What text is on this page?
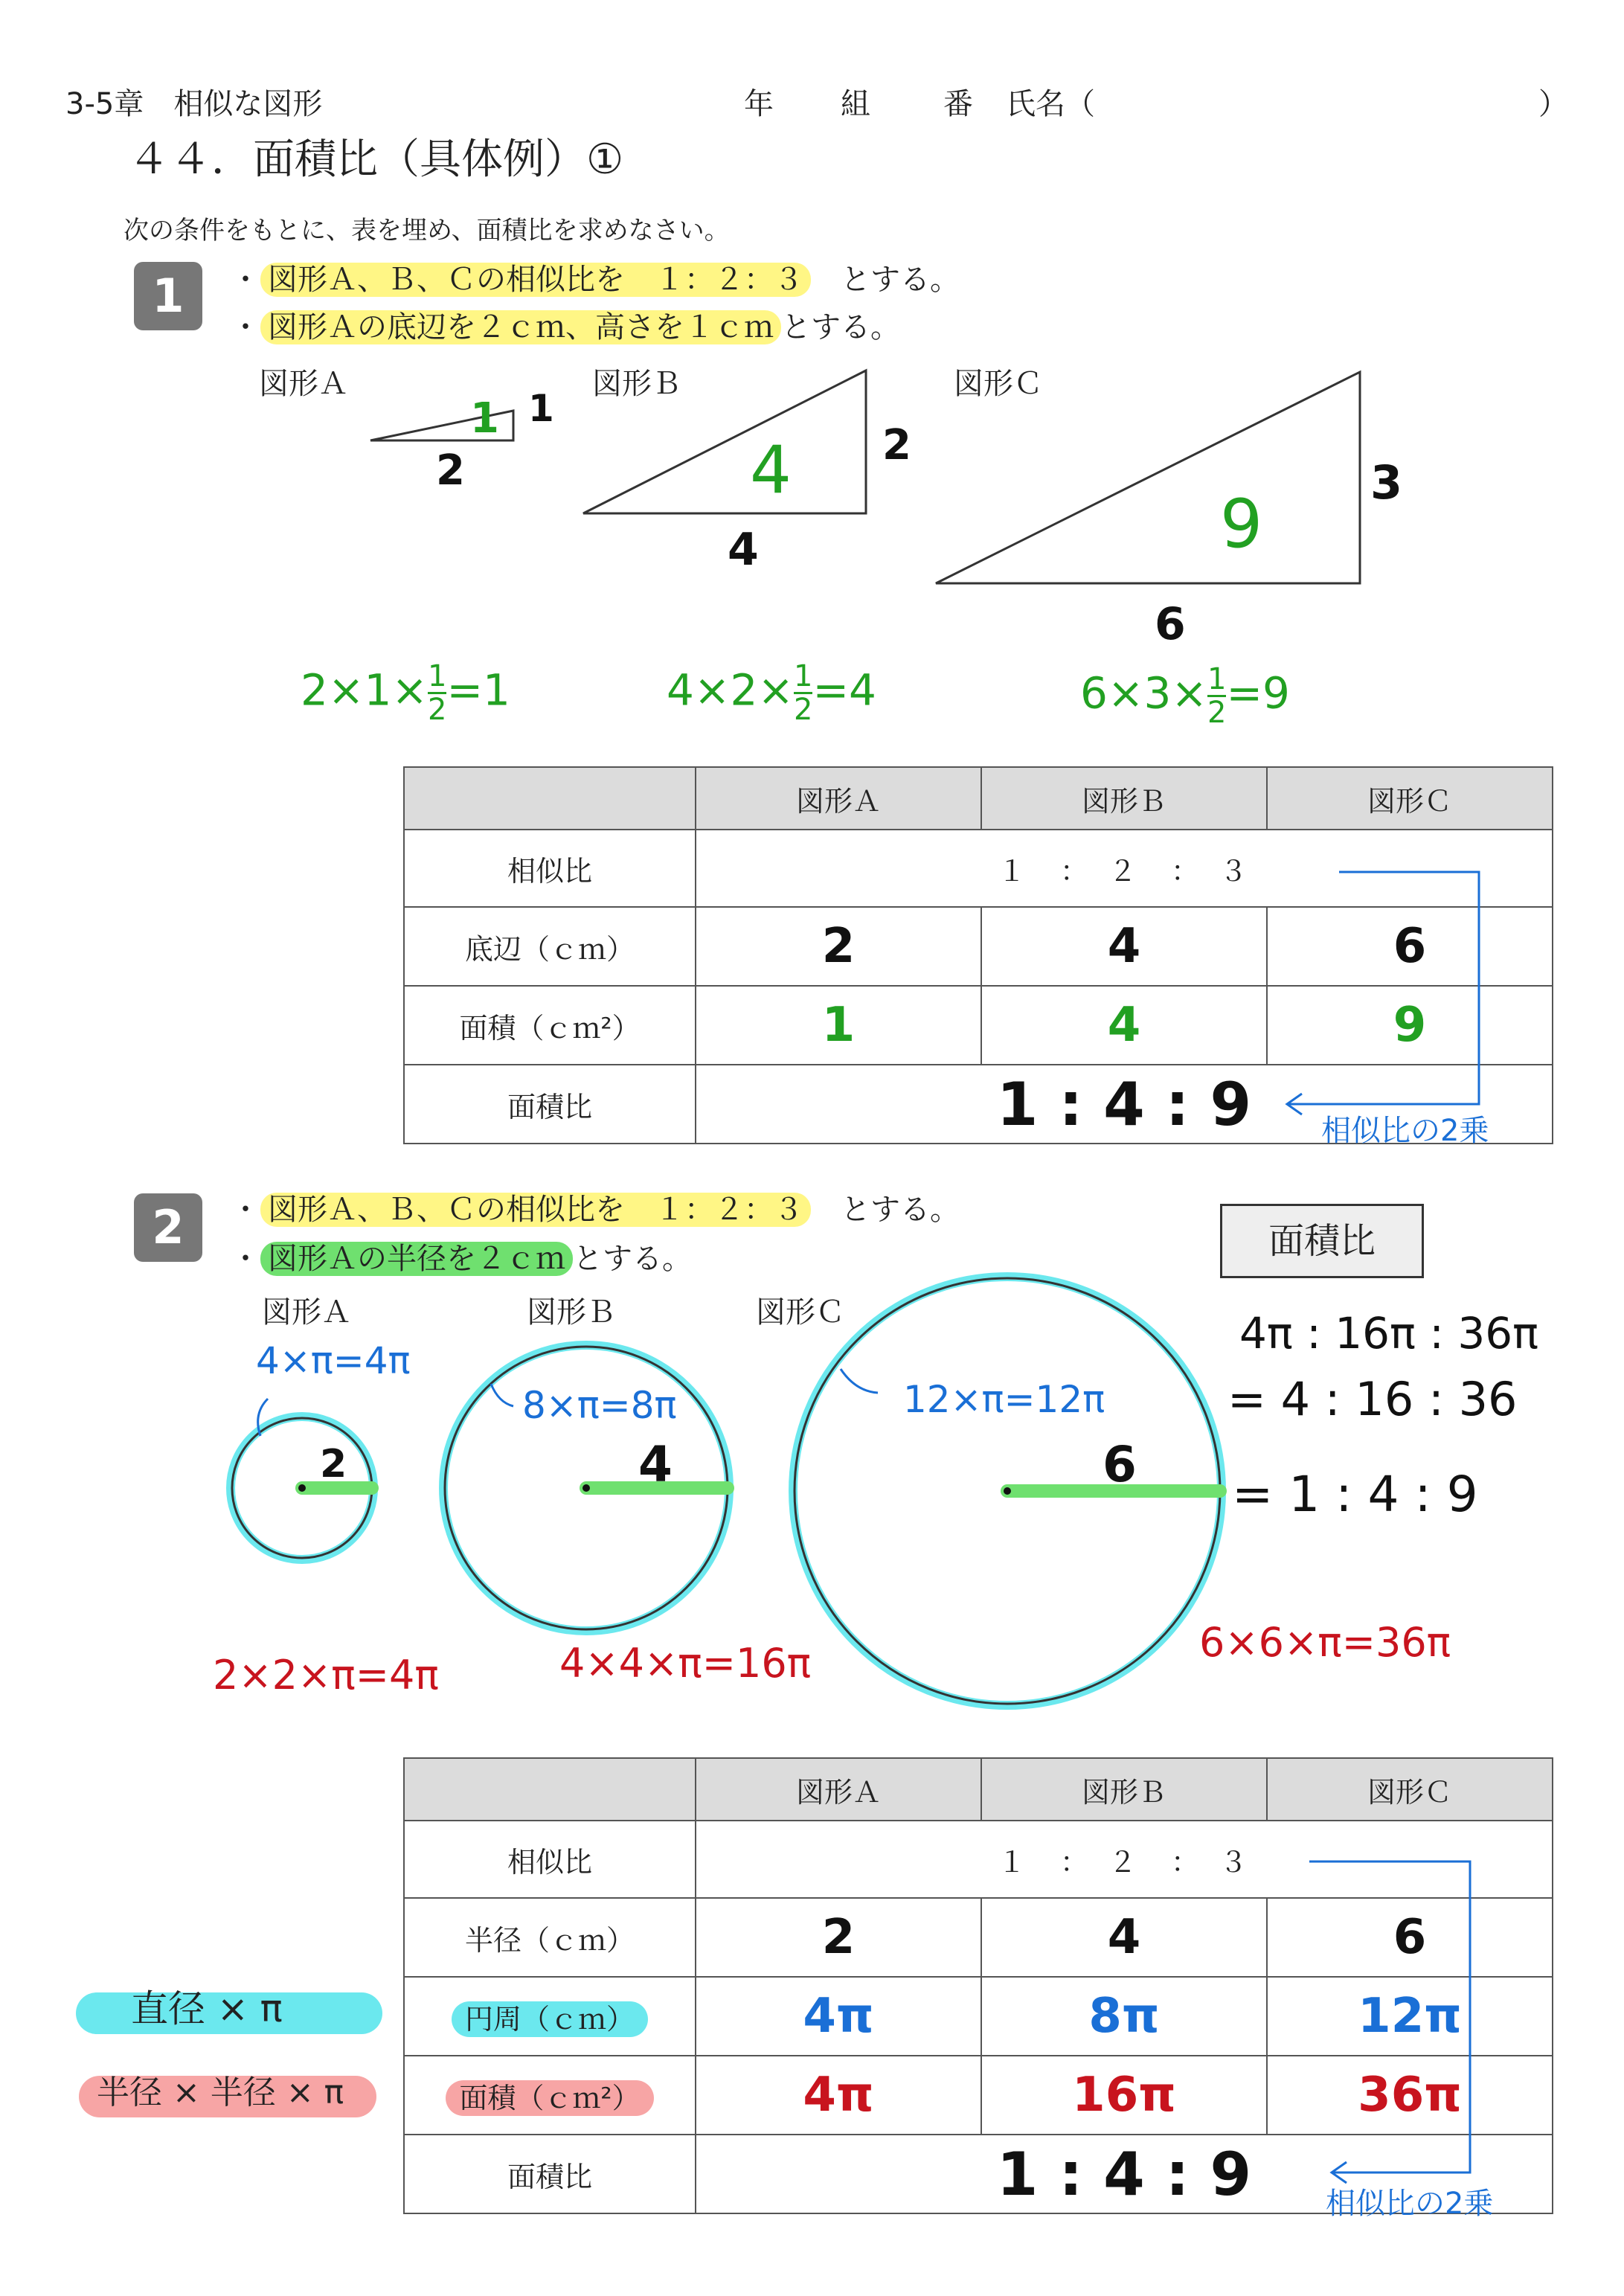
3-5章　相似な図形	年 組 番 氏名（	）
４４．面積比（具体例）①
次の条件をもとに、表を埋め、面積比を求めなさい。
1	・ 図形Ａ、Ｂ、Ｃの相似比を　１：２：３　とする。
・ 図形Ａの底辺を２ｃｍ、高さを１ｃｍ とする。
図形Ａ	図形Ｂ	図形Ｃ
2
1
1
4
2
4
6
3
9
$2\times 1\times \frac{1}{2} =1$	$4\times 2\times \frac{1}{2} =4$	$6\times 3\times \frac{1}{2} =9$
	図形Ａ	図形Ｂ	図形Ｃ
相似比	１　：　２　：　３		
底辺（ｃｍ）	2	4	6
面積（ｃｍ²）	1	4	9
面積比	1 : 4 : 9		相似比の2乗
2	・ 図形Ａ、Ｂ、Ｃの相似比を　１：２：３　とする。
・ 図形Ａの半径を２ｃｍ とする。	面積比
図形Ａ	図形Ｂ	図形Ｃ
2	4	6
4×π=4π
8×π=8π	12×π=12π
2×2×π=4π	4×4×π=16π	6×6×π=36π
4π : 16π : 36π
= 4 : 16 : 36
= 1 : 4 : 9
直径 × π
半径 × 半径 × π
	図形Ａ	図形Ｂ	図形Ｃ
相似比	１　：　２　：　３		
半径（ｃｍ）	2	4	6
円周（ｃｍ）	4π	8π	12π
面積（ｃｍ²）	4π	16π	36π
面積比	1 : 4 : 9		相似比の2乗
